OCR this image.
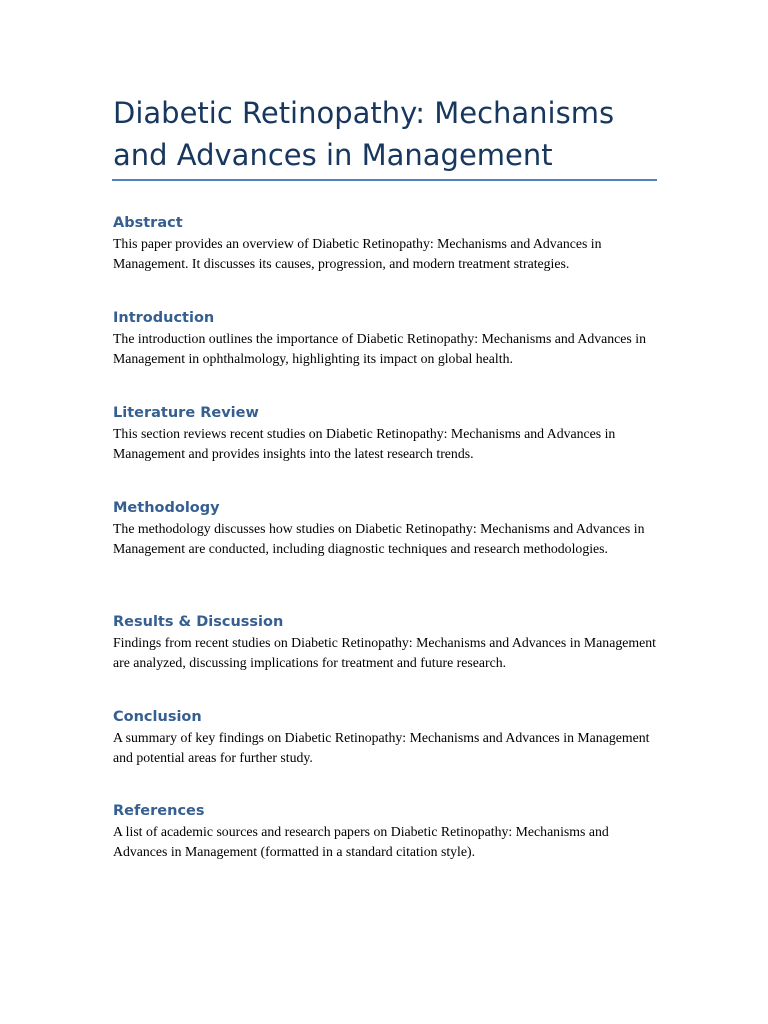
Diabetic Retinopathy: Mechanisms and Advances in Management
Abstract

This paper provides an overview of Diabetic Retinopathy: Mechanisms and Advances in Management. It discusses its causes, progression, and modern treatment strategies.

Introduction

The introduction outlines the importance of Diabetic Retinopathy: Mechanisms and Advances in Management in ophthalmology, highlighting its impact on global health.

Literature Review

This section reviews recent studies on Diabetic Retinopathy: Mechanisms and Advances in Management and provides insights into the latest research trends.

Methodology

The methodology discusses how studies on Diabetic Retinopathy: Mechanisms and Advances in Management are conducted, including diagnostic techniques and research methodologies.

Results & Discussion

Findings from recent studies on Diabetic Retinopathy: Mechanisms and Advances in Management are analyzed, discussing implications for treatment and future research.

Conclusion

A summary of key findings on Diabetic Retinopathy: Mechanisms and Advances in Management and potential areas for further study.

References

A list of academic sources and research papers on Diabetic Retinopathy: Mechanisms and Advances in Management (formatted in a standard citation style).
